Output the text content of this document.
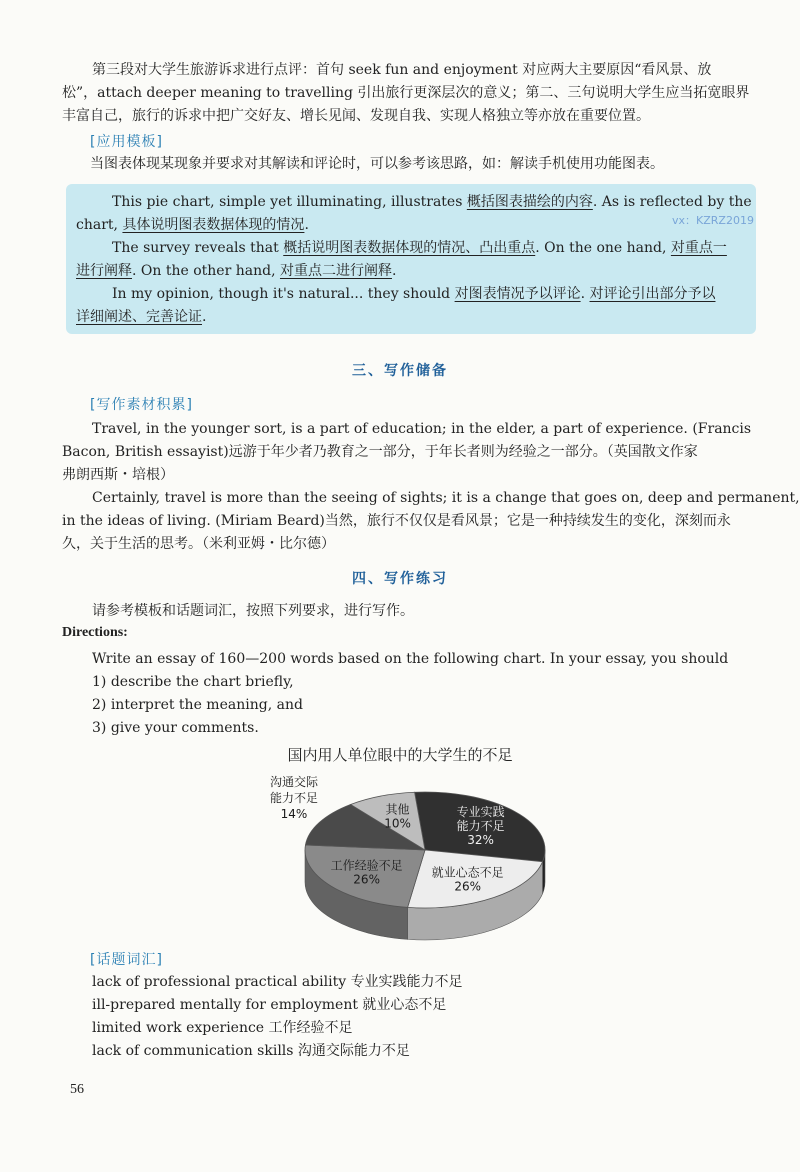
第三段对大学生旅游诉求进行点评：首句 seek fun and enjoyment 对应两大主要原因“看风景、放
松”，attach deeper meaning to travelling 引出旅行更深层次的意义；第二、三句说明大学生应当拓宽眼界
丰富自己，旅行的诉求中把广交好友、增长见闻、发现自我、实现人格独立等亦放在重要位置。
[应用模板]
当图表体现某现象并要求对其解读和评论时，可以参考该思路，如：解读手机使用功能图表。
This pie chart, simple yet illuminating, illustrates 概括图表描绘的内容. As is reflected by the
vx：KZRZ2019
chart, 具体说明图表数据体现的情况.
The survey reveals that 概括说明图表数据体现的情况、凸出重点. On the one hand, 对重点一
进行阐释. On the other hand, 对重点二进行阐释.
In my opinion, though it's natural... they should 对图表情况予以评论. 对评论引出部分予以
详细阐述、完善论证.
三、写作储备
[写作素材积累]
Travel, in the younger sort, is a part of education; in the elder, a part of experience. (Francis
Bacon, British essayist)远游于年少者乃教育之一部分，于年长者则为经验之一部分。（英国散文作家
弗朗西斯・培根）
Certainly, travel is more than the seeing of sights; it is a change that goes on, deep and permanent,
in the ideas of living. (Miriam Beard)当然，旅行不仅仅是看风景；它是一种持续发生的变化，深刻而永
久，关于生活的思考。（米利亚姆・比尔德）
四、写作练习
请参考模板和话题词汇，按照下列要求，进行写作。
Directions:
Write an essay of 160—200 words based on the following chart. In your essay, you should
1) describe the chart briefly,
2) interpret the meaning, and
3) give your comments.
国内用人单位眼中的大学生的不足
专业实践
能力不足
32%
就业心态不足
26%
工作经验不足
26%
其他
10%
沟通交际
能力不足
14%
[话题词汇]
lack of professional practical ability 专业实践能力不足
ill-prepared mentally for employment 就业心态不足
limited work experience 工作经验不足
lack of communication skills 沟通交际能力不足
56
